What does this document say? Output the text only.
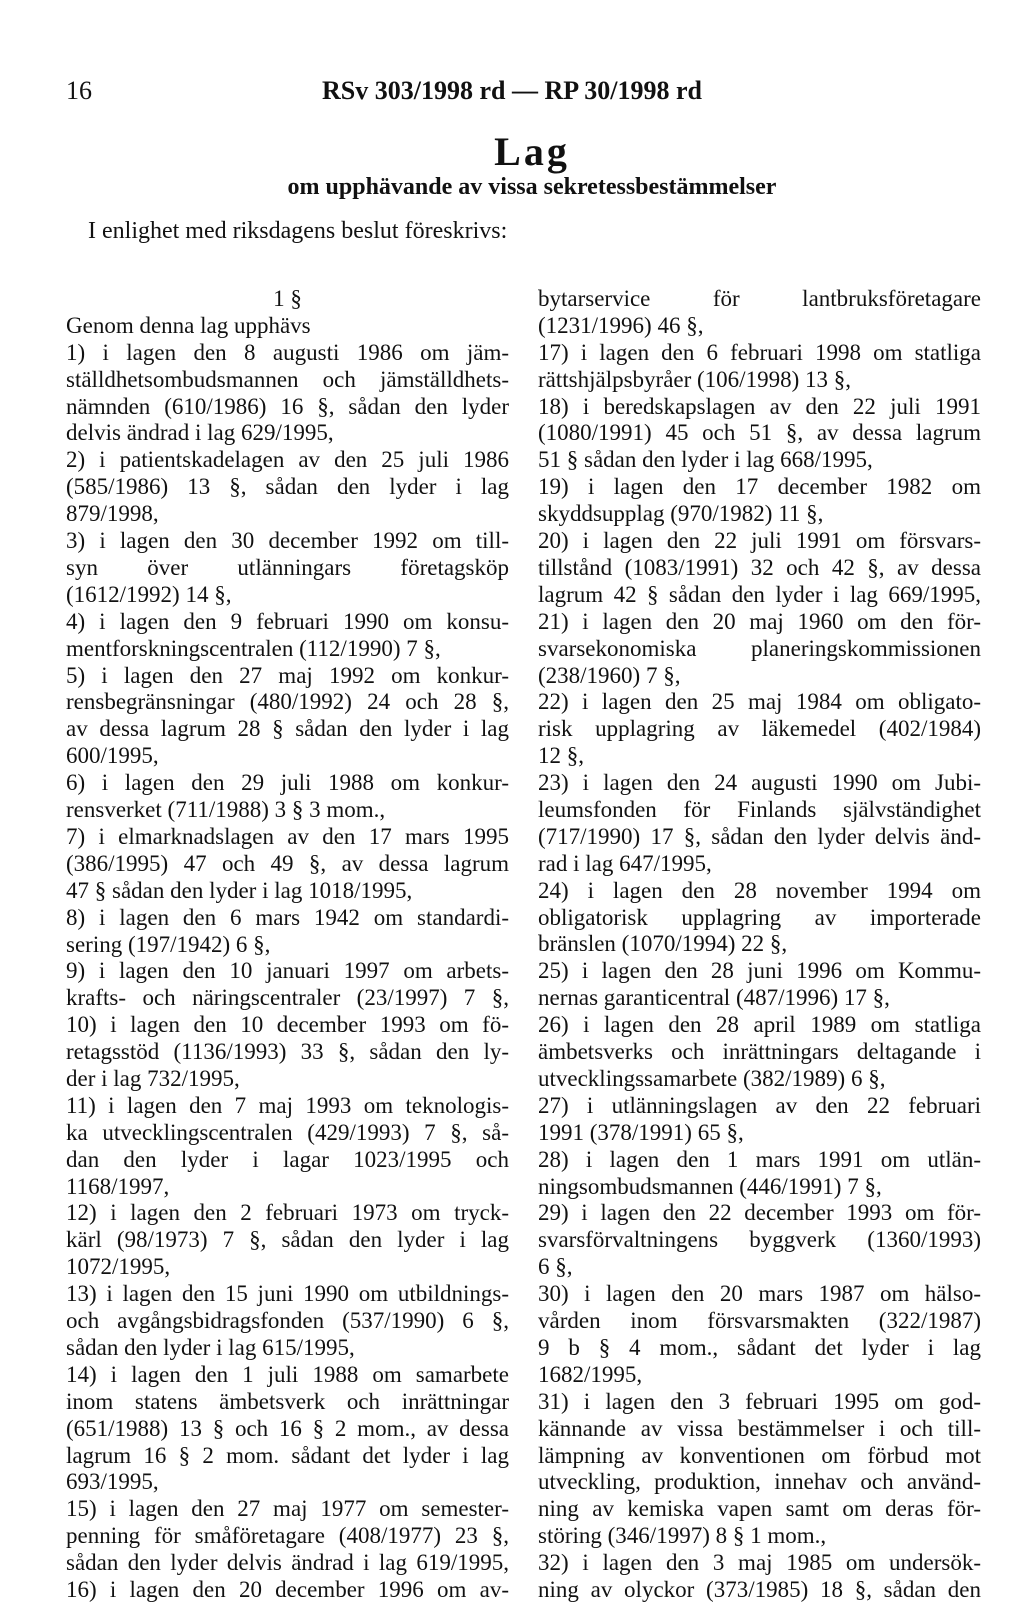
16	RSv 303/1998 rd — RP 30/1998 rd
Lag
om upphävande av vissa sekretessbestämmelser
I enlighet med riksdagens beslut föreskrivs:
1 §
Genom denna lag upphävs
1) i lagen den 8 augusti 1986 om jäm-
ställdhetsombudsmannen och jämställdhets-
nämnden (610/1986) 16 §, sådan den lyder
delvis ändrad i lag 629/1995,
2) i patientskadelagen av den 25 juli 1986
(585/1986) 13 §, sådan den lyder i lag
879/1998,
3) i lagen den 30 december 1992 om till-
syn över utlänningars företagsköp
(1612/1992) 14 §,
4) i lagen den 9 februari 1990 om konsu-
mentforskningscentralen (112/1990) 7 §,
5) i lagen den 27 maj 1992 om konkur-
rensbegränsningar (480/1992) 24 och 28 §,
av dessa lagrum 28 § sådan den lyder i lag
600/1995,
6) i lagen den 29 juli 1988 om konkur-
rensverket (711/1988) 3 § 3 mom.,
7) i elmarknadslagen av den 17 mars 1995
(386/1995) 47 och 49 §, av dessa lagrum
47 § sådan den lyder i lag 1018/1995,
8) i lagen den 6 mars 1942 om standardi-
sering (197/1942) 6 §,
9) i lagen den 10 januari 1997 om arbets-
krafts- och näringscentraler (23/1997) 7 §,
10) i lagen den 10 december 1993 om fö-
retagsstöd (1136/1993) 33 §, sådan den ly-
der i lag 732/1995,
11) i lagen den 7 maj 1993 om teknologis-
ka utvecklingscentralen (429/1993) 7 §, så-
dan den lyder i lagar 1023/1995 och
1168/1997,
12) i lagen den 2 februari 1973 om tryck-
kärl (98/1973) 7 §, sådan den lyder i lag
1072/1995,
13) i lagen den 15 juni 1990 om utbildnings-
och avgångsbidragsfonden (537/1990) 6 §,
sådan den lyder i lag 615/1995,
14) i lagen den 1 juli 1988 om samarbete
inom statens ämbetsverk och inrättningar
(651/1988) 13 § och 16 § 2 mom., av dessa
lagrum 16 § 2 mom. sådant det lyder i lag
693/1995,
15) i lagen den 27 maj 1977 om semester-
penning för småföretagare (408/1977) 23 §,
sådan den lyder delvis ändrad i lag 619/1995,
16) i lagen den 20 december 1996 om av-
bytarservice för lantbruksföretagare
(1231/1996) 46 §,
17) i lagen den 6 februari 1998 om statliga
rättshjälpsbyråer (106/1998) 13 §,
18) i beredskapslagen av den 22 juli 1991
(1080/1991) 45 och 51 §, av dessa lagrum
51 § sådan den lyder i lag 668/1995,
19) i lagen den 17 december 1982 om
skyddsupplag (970/1982) 11 §,
20) i lagen den 22 juli 1991 om försvars-
tillstånd (1083/1991) 32 och 42 §, av dessa
lagrum 42 § sådan den lyder i lag 669/1995,
21) i lagen den 20 maj 1960 om den för-
svarsekonomiska planeringskommissionen
(238/1960) 7 §,
22) i lagen den 25 maj 1984 om obligato-
risk upplagring av läkemedel (402/1984)
12 §,
23) i lagen den 24 augusti 1990 om Jubi-
leumsfonden för Finlands självständighet
(717/1990) 17 §, sådan den lyder delvis änd-
rad i lag 647/1995,
24) i lagen den 28 november 1994 om
obligatorisk upplagring av importerade
bränslen (1070/1994) 22 §,
25) i lagen den 28 juni 1996 om Kommu-
nernas garanticentral (487/1996) 17 §,
26) i lagen den 28 april 1989 om statliga
ämbetsverks och inrättningars deltagande i
utvecklingssamarbete (382/1989) 6 §,
27) i utlänningslagen av den 22 februari
1991 (378/1991) 65 §,
28) i lagen den 1 mars 1991 om utlän-
ningsombudsmannen (446/1991) 7 §,
29) i lagen den 22 december 1993 om för-
svarsförvaltningens byggverk (1360/1993)
6 §,
30) i lagen den 20 mars 1987 om hälso-
vården inom försvarsmakten (322/1987)
9 b § 4 mom., sådant det lyder i lag
1682/1995,
31) i lagen den 3 februari 1995 om god-
kännande av vissa bestämmelser i och till-
lämpning av konventionen om förbud mot
utveckling, produktion, innehav och använd-
ning av kemiska vapen samt om deras för-
störing (346/1997) 8 § 1 mom.,
32) i lagen den 3 maj 1985 om undersök-
ning av olyckor (373/1985) 18 §, sådan den
